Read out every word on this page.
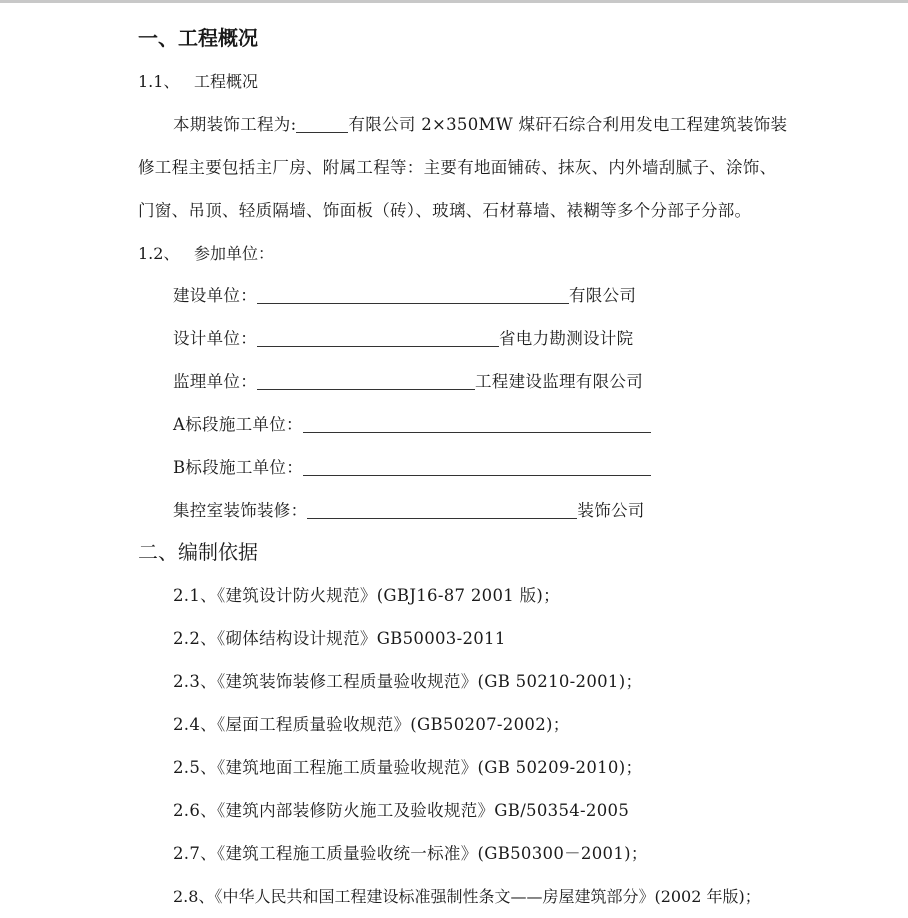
一、工程概况
1.1、 工程概况
本期装饰工程为:	有限公司 2×350MW 煤矸石综合利用发电工程建筑装饰装
修工程主要包括主厂房、附属工程等：主要有地面铺砖、抹灰、内外墙刮腻子、涂饰、
门窗、吊顶、轻质隔墙、饰面板（砖）、玻璃、石材幕墙、裱糊等多个分部子分部。
1.2、 参加单位：
建设单位：	有限公司
设计单位：	省电力勘测设计院
监理单位：	工程建设监理有限公司
A标段施工单位：
B标段施工单位：
集控室装饰装修：	装饰公司
二、编制依据
2.1、《建筑设计防火规范》(GBJ16-87 2001 版)；
2.2、《砌体结构设计规范》GB50003-2011
2.3、《建筑装饰装修工程质量验收规范》(GB 50210-2001)；
2.4、《屋面工程质量验收规范》(GB50207-2002)；
2.5、《建筑地面工程施工质量验收规范》(GB 50209-2010)；
2.6、《建筑内部装修防火施工及验收规范》GB/50354-2005
2.7、《建筑工程施工质量验收统一标准》(GB50300－2001)；
2.8、《中华人民共和国工程建设标准强制性条文——房屋建筑部分》(2002 年版)；
